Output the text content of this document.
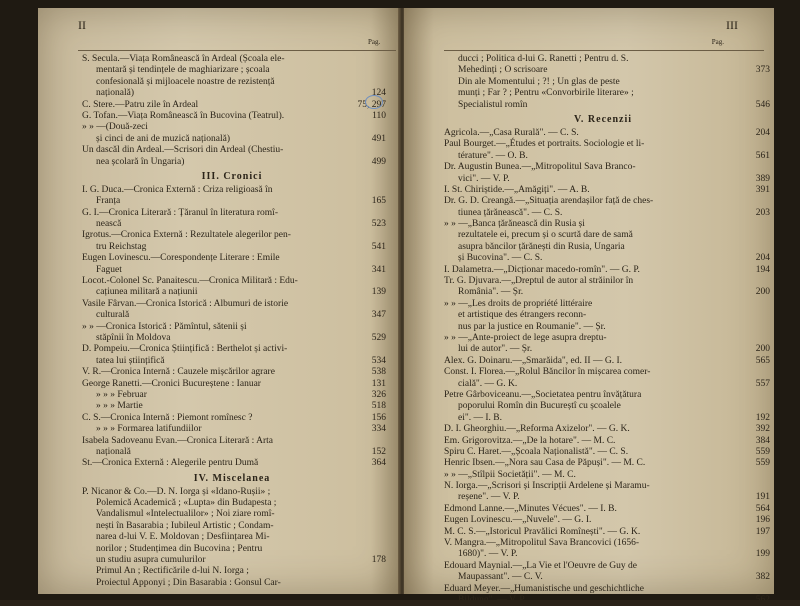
II
Pag.
S. Secula.—Viața Românească în Ardeal (Școala ele-
mentară și tendințele de maghiarizare ; școala
confesională și mijloacele noastre de rezistență
națională)	124
C. Stere.—Patru zile în Ardeal	75, 297
G. Tofan.—Viața Românească în Bucovina (Teatrul).	110
» » —(Două-zeci
și cinci de ani de muzică națională)	491
Un dascăl din Ardeal.—Scrisori din Ardeal (Chestiu-
nea școlară în Ungaria)	499
III. Cronici
I. G. Duca.—Cronica Externă : Criza religioasă în
Franța	165
G. I.—Cronica Literară : Țăranul în literatura romî-
nească	523
Igrotus.—Cronica Externă : Rezultatele alegerilor pen-
tru Reichstag	541
Eugen Lovinescu.—Corespondențe Literare : Emile
Faguet	341
Locot.-Colonel Sc. Panaitescu.—Cronica Militară : Edu-
cațiunea militară a națiunii	139
Vasile Fârvan.—Cronica Istorică : Albumuri de istorie
culturală	347
» » —Cronica Istorică : Pămîntul, sătenii și
stăpînii în Moldova	529
D. Pompeiu.—Cronica Științifică : Berthelot și activi-
tatea lui științifică	534
V. R.—Cronica Internă : Cauzele mișcărilor agrare	538
George Ranetti.—Cronici Bucureștene : Ianuar	131
» » » Februar	326
» » » Martie	518
C. S.—Cronica Internă : Piemont romînesc ?	156
» » » Formarea latifundiilor	334
Isabela Sadoveanu Evan.—Cronica Literară : Arta
națională	152
St.—Cronica Externă : Alegerile pentru Dumă	364
IV. Miscelanea
P. Nicanor & Co.—D. N. Iorga și «Idano-Rușii» ;
Polemică Academică ; «Lupta» din Budapesta ;
Vandalismul «Intelectualilor» ; Noi ziare romî-
nești în Basarabia ; Iubileul Artistic ; Condam-
narea d-lui V. E. Moldovan ; Desființarea Mi-
norilor ; Studențimea din Bucovina ; Pentru
un studiu asupra cumulurilor	178
Primul An ; Rectificările d-lui N. Iorga ;
Proiectul Apponyi ; Din Basarabia : Gonsul Car-
III
Pag.
ducci ; Politica d-lui G. Ranetti ; Pentru d. S.
Mehedinți ; O scrisoare	373
Din ale Momentului ; ?! ; Un glas de peste
munți ; Far ? ; Pentru «Convorbirile literare» ;
Specialistul romîn	546
V. Recenzii
Agricola.—„Casa Rurală". — C. S.	204
Paul Bourget.—„Études et portraits. Sociologie et li-
térature". — O. B.	561
Dr. Augustin Bunea.—„Mitropolitul Sava Branco-
vici". — V. P.	389
I. St. Chiriștide.—„Amăgiți". — A. B.	391
Dr. G. D. Creangă.—„Situația arendașilor față de ches-
tiunea țărănească". — C. S.	203
» » —„Banca țărănească din Rusia și
rezultatele ei, precum și o scurtă dare de samă
asupra băncilor țărănești din Rusia, Ungaria
și Bucovina". — C. S.	204
I. Dalametra.—„Dicționar macedo-romîn". — G. P.	194
Tr. G. Djuvara.—„Dreptul de autor al străinilor în
România". — Șr.	200
» » —„Les droits de propriété littéraire
et artistique des étrangers reconn-
nus par la justice en Roumanie". — Șr.
» » —„Ante-proiect de lege asupra dreptu-
lui de autor". — Șr.	200
Alex. G. Doinaru.—„Smarăida", ed. II — G. I.	565
Const. I. Florea.—„Rolul Băncilor în mișcarea comer-
cială". — G. K.	557
Petre Gârboviceanu.—„Societatea pentru învățătura
poporului Romîn din Bucureștî cu școalele
ei". — I. B.	192
D. I. Gheorghiu.—„Reforma Axizelor". — G. K.	392
Em. Grigorovitza.—„De la hotare". — M. C.	384
Spiru C. Haret.—„Școala Naționalistă". — C. S.	559
Henric Ibsen.—„Nora sau Casa de Păpuși". — M. C.	559
» » —„Stîlpii Societății". — M. C.
N. Iorga.—„Scrisori și Inscripții Ardelene și Maramu-
reșene". — V. P.	191
Edmond Lanne.—„Minutes Vécues". — I. B.	564
Eugen Lovinescu.—„Nuvele". — G. I.	196
M. C. S.—„Istoricul Pravălici Romînești". — G. K.	197
V. Mangra.—„Mitropolitul Sava Brancovici (1656-
1680)". — V. P.	199
Edouard Maynial.—„La Vie et l'Oeuvre de Guy de
Maupassant". — C. V.	382
Eduard Meyer.—„Humanistische und geschichtliche
Bildung". — V. P.	562
